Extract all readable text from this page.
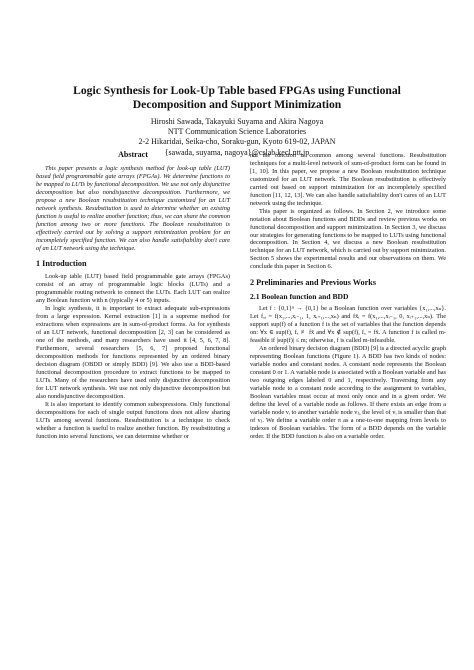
Logic Synthesis for Look-Up Table based FPGAs using Functional
Decomposition and Support Minimization
Hiroshi Sawada, Takayuki Suyama and Akira Nagoya
NTT Communication Science Laboratories
2-2 Hikaridai, Seika-cho, Soraku-gun, Kyoto 619-02, JAPAN
{sawada, suyama, nagoya}@cslab.kecl.ntt.jp
Abstract

This paper presents a logic synthesis method for look-up table (LUT) based field programmable gate arrays (FPGAs). We determine functions to be mapped to LUTs by functional decomposition. We use not only disjunctive decomposition but also nondisjunctive decomposition. Furthermore, we propose a new Boolean resubstitution technique customized for an LUT network synthesis. Resubstitution is used to determine whether an existing function is useful to realize another function; thus, we can share the common function among two or more functions. The Boolean resubstitution is effectively carried out by solving a support minimization problem for an incompletely specified function. We can also handle satisfiability don't care of an LUT network using the technique.

1 Introduction

Look-up table (LUT) based field programmable gate arrays (FPGAs) consist of an array of programmable logic blocks (LUTs) and a programmable routing network to connect the LUTs. Each LUT can realize any Boolean function with n (typically 4 or 5) inputs.

In logic synthesis, it is important to extract adequate sub-expressions from a large expression. Kernel extraction [1] is a supreme method for extractions when expressions are in sum-of-product forms. As for synthesis of an LUT network, functional decomposition [2, 3] can be considered as one of the methods, and many researchers have used it [4, 5, 6, 7, 8]. Furthermore, several researchers [5, 6, 7] proposed functional decomposition methods for functions represented by an ordered binary decision diagram (OBDD or simply BDD) [9]. We also use a BDD-based functional decomposition procedure to extract functions to be mapped to LUTs. Many of the researchers have used only disjunctive decomposition for LUT network synthesis. We use not only disjunctive decomposition but also nondisjunctive decomposition.

It is also important to identify common subexpressions. Only functional decompositions for each of single output functions does not allow sharing LUTs among several functions. Resubstitution is a technique to check whether a function is useful to realize another function. By resubstituting a function into several functions, we can determine whether or

not the function is common among several functions. Resubstitution techniques for a multi-level network of sum-of-product form can be found in [1, 10]. In this paper, we propose a new Boolean resubstitution technique customized for an LUT network. The Boolean resubstitution is effectively carried out based on support minimization for an incompletely specified function [11, 12, 13]. We can also handle satisfiability don't cares of an LUT network using the technique.

This paper is organized as follows. In Section 2, we introduce some notation about Boolean functions and BDDs and review previous works on functional decomposition and support minimization. In Section 3, we discuss our strategies for generating functions to be mapped to LUTs using functional decomposition. In Section 4, we discuss a new Boolean resubstitution technique for an LUT network, which is carried out by support minimization. Section 5 shows the experimental results and our observations on them. We conclude this paper in Section 6.

2 Preliminaries and Previous Works
2.1 Boolean function and BDD

Let f : {0,1}ⁿ → {0,1} be a Boolean function over variables {x₁,...,xₙ}. Let fₓᵢ = f(x₁,...,xᵢ₋₁, 1, xᵢ₊₁,...,xₙ) and fx̄ᵢ = f(x₁,...,xᵢ₋₁, 0, xᵢ₊₁,...,xₙ). The support sup(f) of a function f is the set of variables that the function depends on: ∀x ∈ sup(f), fₓ ≢ fx̄ and ∀x ∉ sup(f), fₓ = fx̄. A function f is called m-feasible if |sup(f)| ≤ m; otherwise, f is called m-infeasible.

An ordered binary decision diagram (BDD) [9] is a directed acyclic graph representing Boolean functions (Figure 1). A BDD has two kinds of nodes: variable nodes and constant nodes. A constant node represents the Boolean constant 0 or 1. A variable node is associated with a Boolean variable and has two outgoing edges labeled 0 and 1, respectively. Traversing from any variable node to a constant node according to the assignment to variables, Boolean variables must occur at most only once and in a given order. We define the level of a variable node as follows. If there exists an edge from a variable node vᵢ to another variable node vⱼ, the level of vᵢ is smaller than that of vⱼ. We define a variable order π as a one-to-one mapping from levels to indexes of Boolean variables. The form of a BDD depends on the variable order. If the BDD function is also on a variable order.
